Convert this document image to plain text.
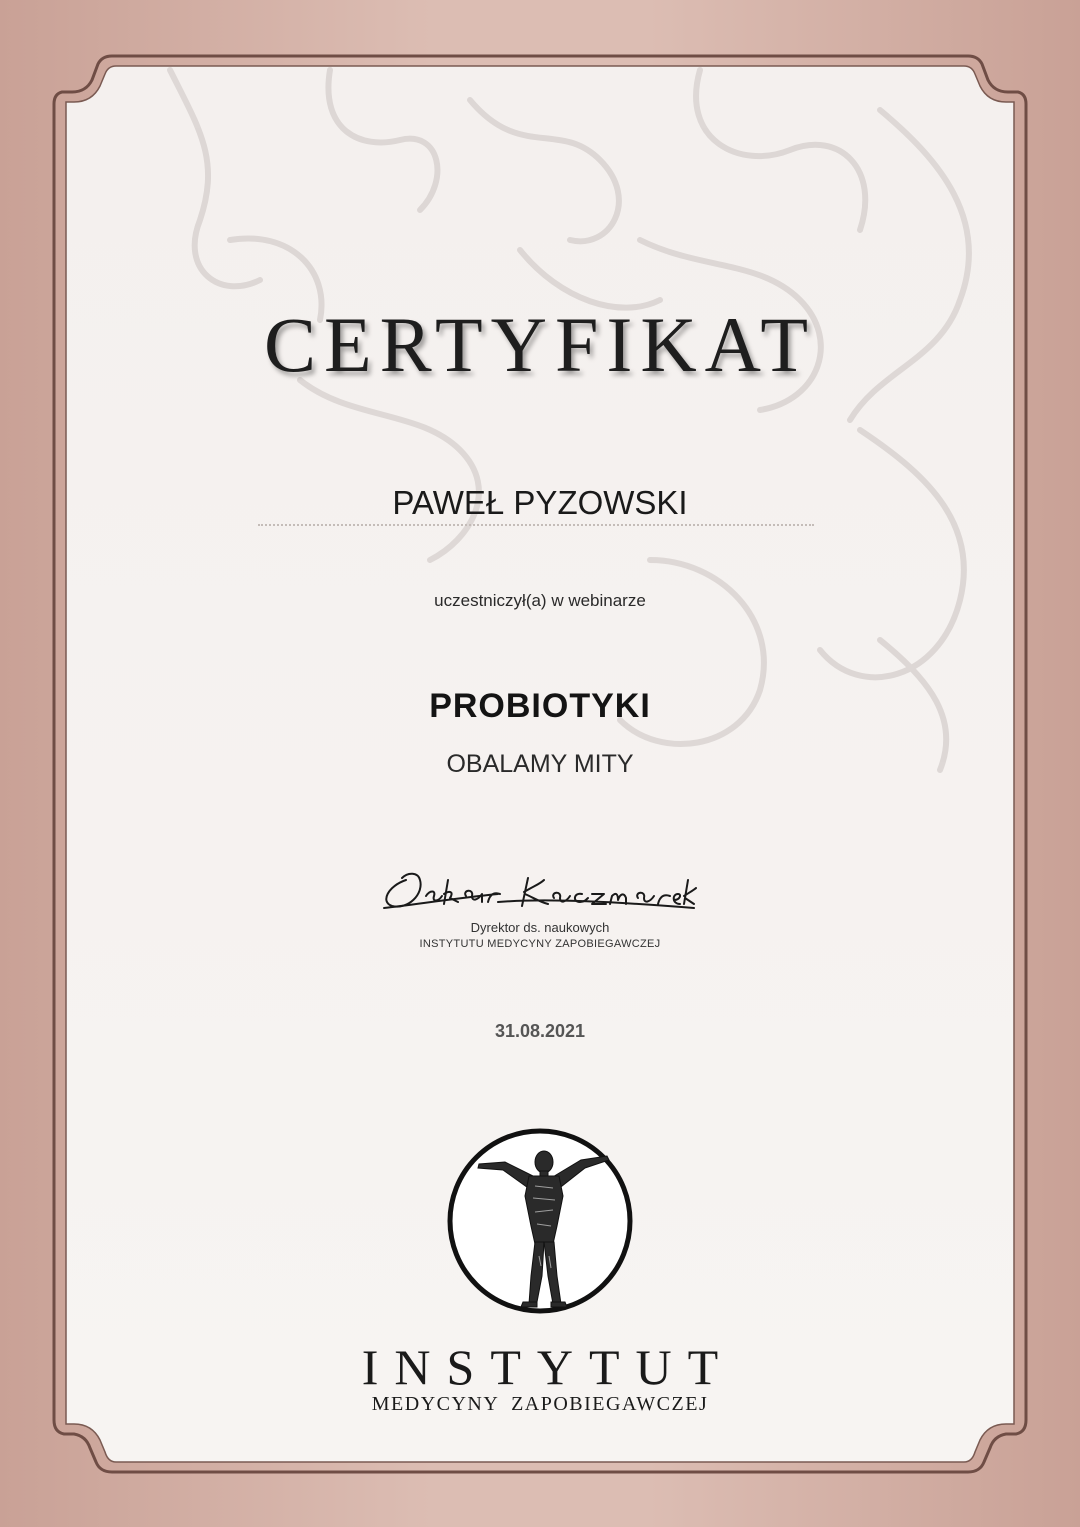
CERTYFIKAT
PAWEŁ PYZOWSKI
uczestniczył(a) w webinarze
PROBIOTYKI
OBALAMY MITY
Dyrektor ds. naukowych
INSTYTUTU MEDYCYNY ZAPOBIEGAWCZEJ
31.08.2021
INSTYTUT
MEDYCYNY ZAPOBIEGAWCZEJ
